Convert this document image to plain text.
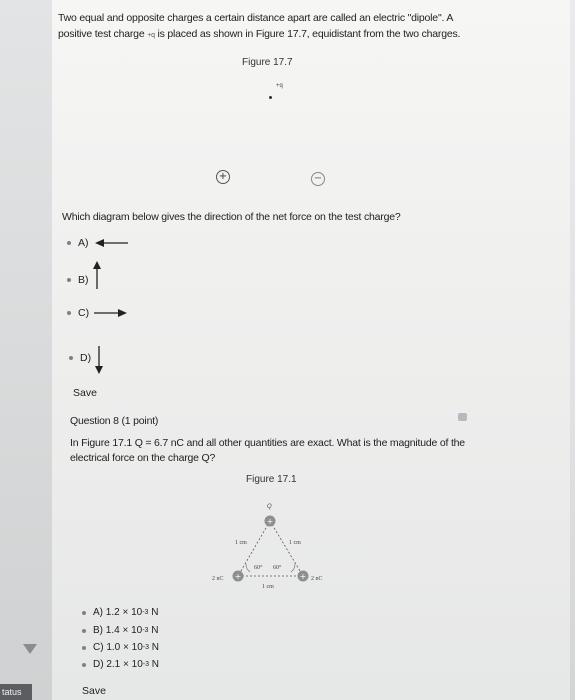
tatus
Two equal and opposite charges a certain distance apart are called an electric "dipole". A
positive test charge +q is placed as shown in Figure 17.7, equidistant from the two charges.
Figure 17.7
+q
+	−
Which diagram below gives the direction of the net force on the test charge?
A)
B)
C)
D)
Save
Question 8 (1 point)
In Figure 17.1 Q = 6.7 nC and all other quantities are exact. What is the magnitude of the
electrical force on the charge Q?
Figure 17.1
+
+	+
Q
1 cm	1 cm
60° 60°
1 cm
2 nC	2 nC
A)
1.2 × 10 -3
N
B)
1.4 × 10 -3
N
C)
1.0 × 10 -3
N
D)
2.1 × 10 -3
N
Save
